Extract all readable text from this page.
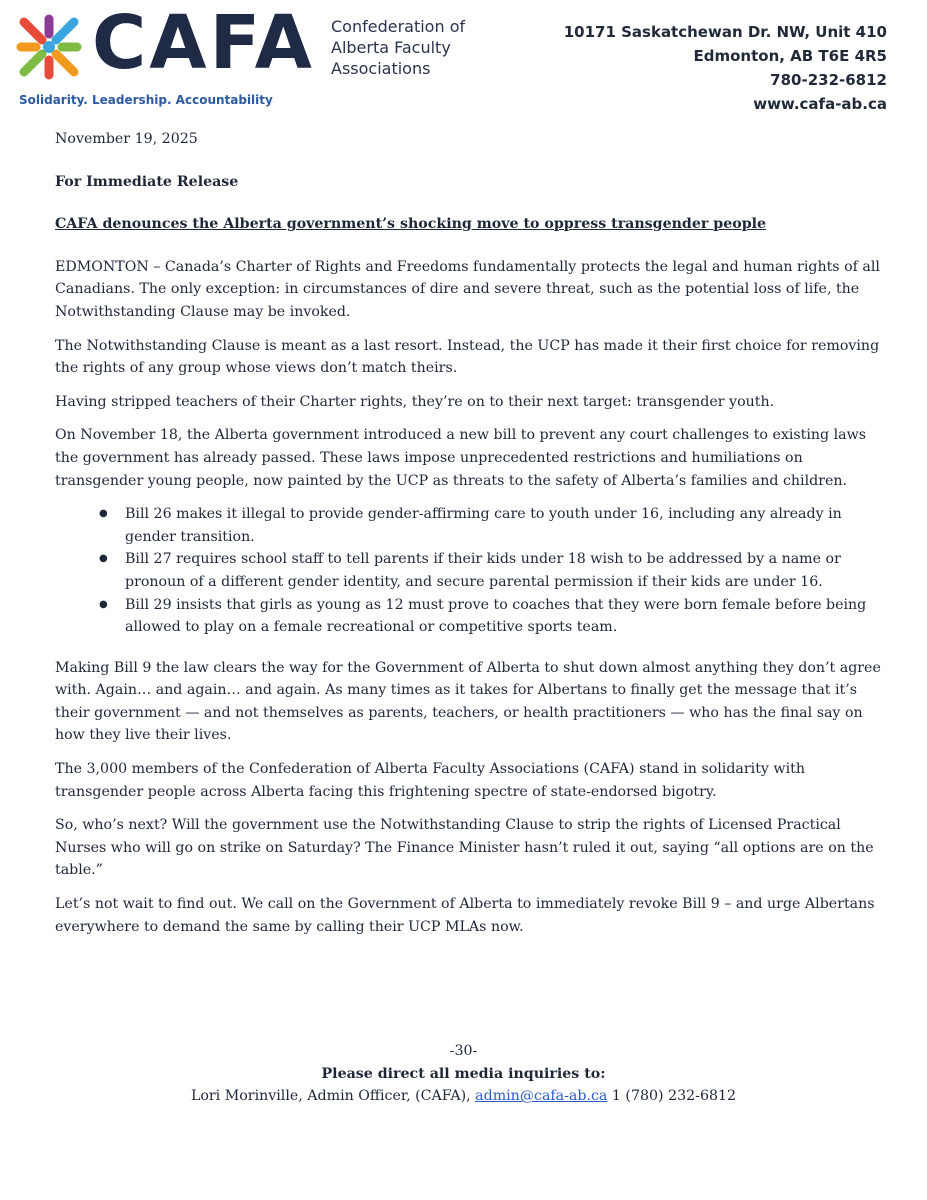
CAFA Confederation of
Alberta Faculty
Associations
Solidarity. Leadership. Accountability
10171 Saskatchewan Dr. NW, Unit 410
Edmonton, AB T6E 4R5
780-232-6812
www.cafa-ab.ca

November 19, 2025

For Immediate Release

CAFA denounces the Alberta government’s shocking move to oppress transgender people

EDMONTON – Canada’s Charter of Rights and Freedoms fundamentally protects the legal and human rights of all Canadians. The only exception: in circumstances of dire and severe threat, such as the potential loss of life, the Notwithstanding Clause may be invoked.

The Notwithstanding Clause is meant as a last resort. Instead, the UCP has made it their first choice for removing the rights of any group whose views don’t match theirs.

Having stripped teachers of their Charter rights, they’re on to their next target: transgender youth.

On November 18, the Alberta government introduced a new bill to prevent any court challenges to existing laws the government has already passed. These laws impose unprecedented restrictions and humiliations on transgender young people, now painted by the UCP as threats to the safety of Alberta’s families and children.

● Bill 26 makes it illegal to provide gender-affirming care to youth under 16, including any already in gender transition.
● Bill 27 requires school staff to tell parents if their kids under 18 wish to be addressed by a name or pronoun of a different gender identity, and secure parental permission if their kids are under 16.
● Bill 29 insists that girls as young as 12 must prove to coaches that they were born female before being allowed to play on a female recreational or competitive sports team.

Making Bill 9 the law clears the way for the Government of Alberta to shut down almost anything they don’t agree with. Again… and again… and again. As many times as it takes for Albertans to finally get the message that it’s their government — and not themselves as parents, teachers, or health practitioners — who has the final say on how they live their lives.

The 3,000 members of the Confederation of Alberta Faculty Associations (CAFA) stand in solidarity with transgender people across Alberta facing this frightening spectre of state-endorsed bigotry.

So, who’s next? Will the government use the Notwithstanding Clause to strip the rights of Licensed Practical Nurses who will go on strike on Saturday? The Finance Minister hasn’t ruled it out, saying “all options are on the table.”

Let’s not wait to find out. We call on the Government of Alberta to immediately revoke Bill 9 – and urge Albertans everywhere to demand the same by calling their UCP MLAs now.

-30-
Please direct all media inquiries to:
Lori Morinville, Admin Officer, (CAFA), admin@cafa-ab.ca 1 (780) 232-6812
